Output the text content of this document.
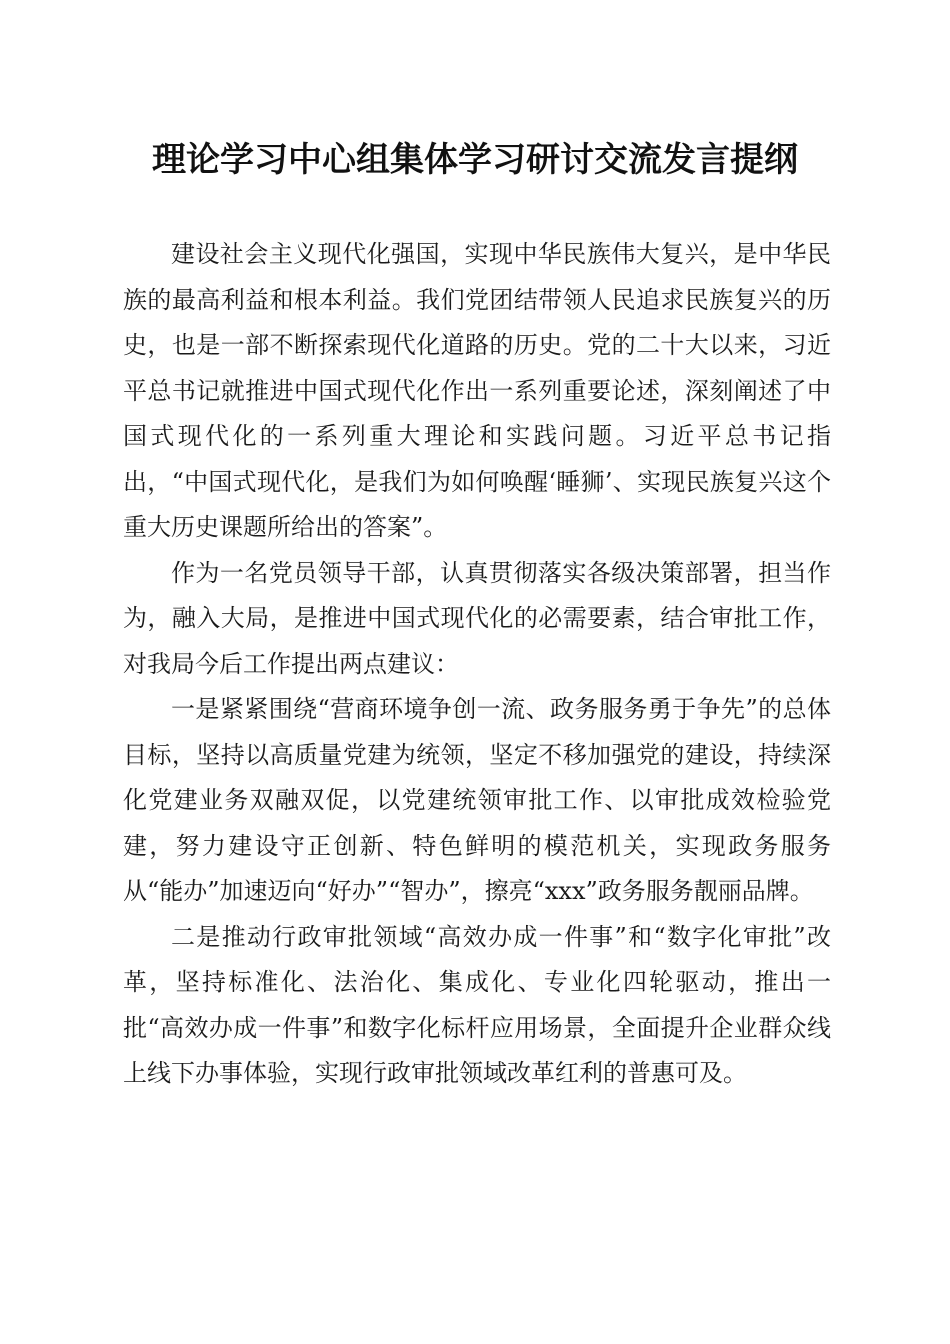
理论学习中心组集体学习研讨交流发言提纲

建设社会主义现代化强国，实现中华民族伟大复兴，是中华民族的最高利益和根本利益。我们党团结带领人民追求民族复兴的历史，也是一部不断探索现代化道路的历史。党的二十大以来，习近平总书记就推进中国式现代化作出一系列重要论述，深刻阐述了中国式现代化的一系列重大理论和实践问题。习近平总书记指出，“中国式现代化，是我们为如何唤醒‘睡狮’、实现民族复兴这个重大历史课题所给出的答案”。

作为一名党员领导干部，认真贯彻落实各级决策部署，担当作为，融入大局，是推进中国式现代化的必需要素，结合审批工作，对我局今后工作提出两点建议：

一是紧紧围绕“营商环境争创一流、政务服务勇于争先”的总体目标，坚持以高质量党建为统领，坚定不移加强党的建设，持续深化党建业务双融双促，以党建统领审批工作、以审批成效检验党建，努力建设守正创新、特色鲜明的模范机关，实现政务服务从“能办”加速迈向“好办”“智办”，擦亮“xxx”政务服务靓丽品牌。

二是推动行政审批领域“高效办成一件事”和“数字化审批”改革，坚持标准化、法治化、集成化、专业化四轮驱动，推出一批“高效办成一件事”和数字化标杆应用场景，全面提升企业群众线上线下办事体验，实现行政审批领域改革红利的普惠可及。
